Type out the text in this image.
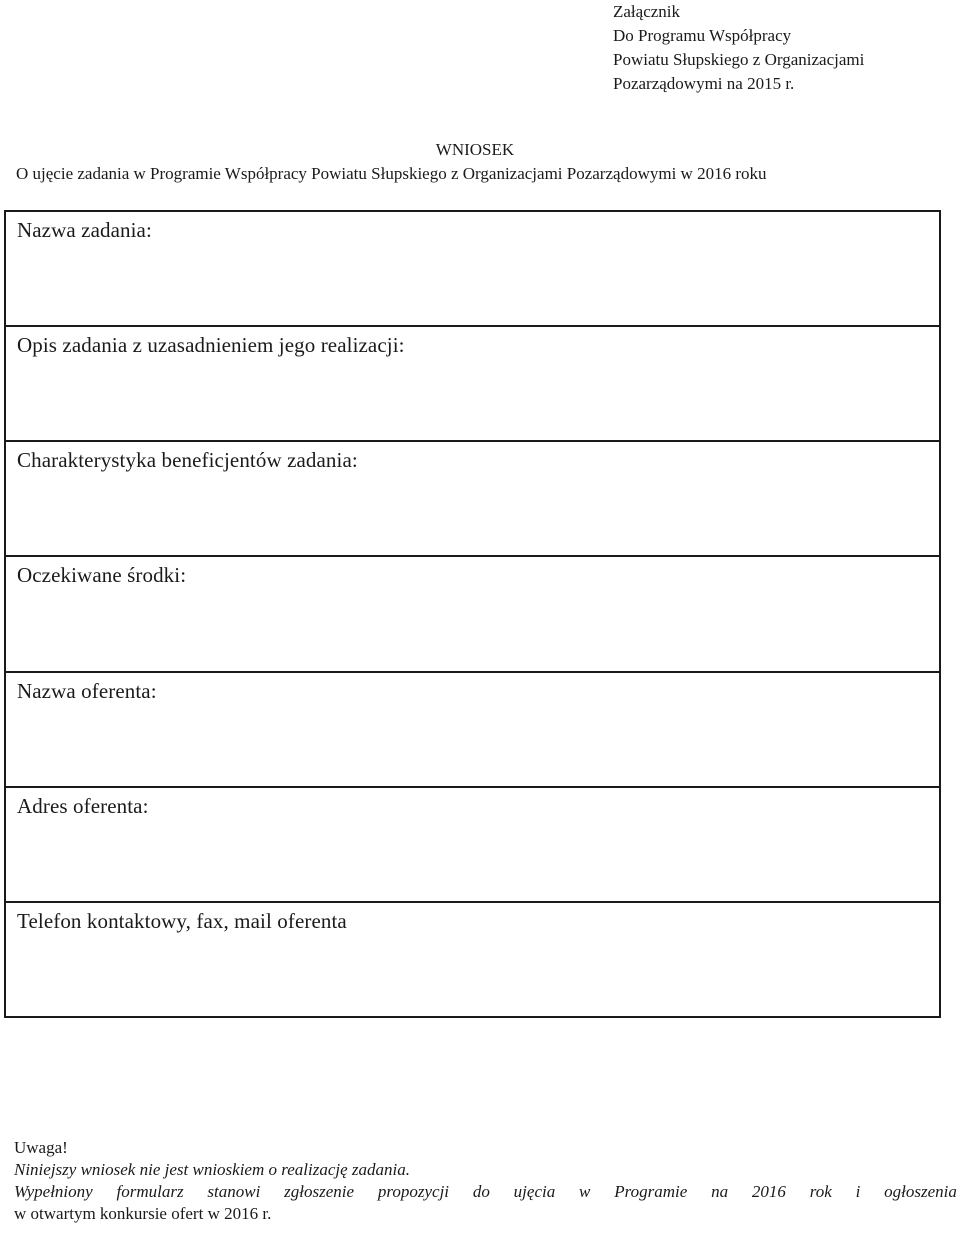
Załącznik
Do Programu Współpracy
Powiatu Słupskiego z Organizacjami
Pozarządowymi na 2015 r.
WNIOSEK
O ujęcie zadania w Programie Współpracy Powiatu Słupskiego z Organizacjami Pozarządowymi w 2016 roku
Nazwa zadania:
Opis zadania z uzasadnieniem jego realizacji:
Charakterystyka beneficjentów zadania:
Oczekiwane środki:
Nazwa oferenta:
Adres oferenta:
Telefon kontaktowy, fax, mail oferenta
Uwaga!
Niniejszy wniosek nie jest wnioskiem o realizację zadania.
Wypełniony formularz stanowi zgłoszenie propozycji do ujęcia w Programie na 2016 rok i ogłoszenia
w otwartym konkursie ofert w 2016 r.
